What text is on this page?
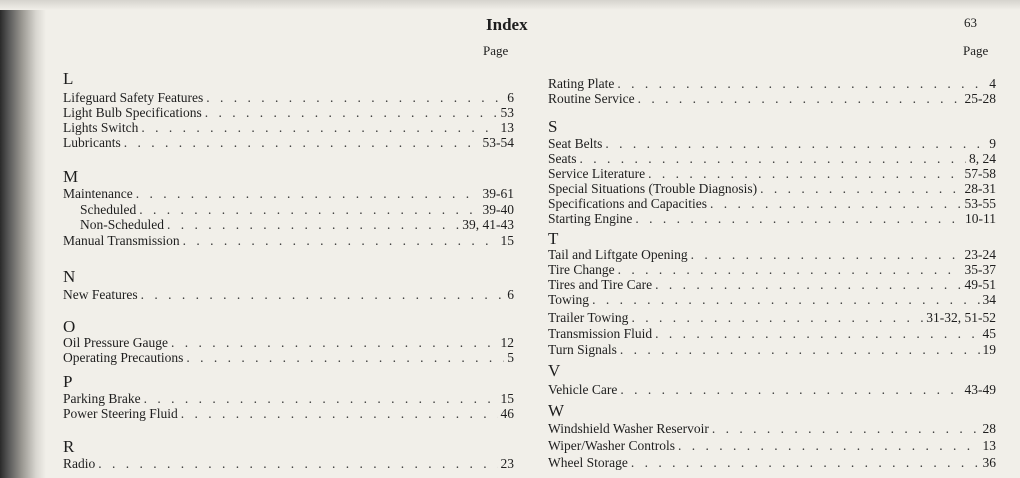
Index	63
Page	Page
L
Lifeguard Safety Features . . .	6
Light Bulb Specifications . . .	53
Lights Switch . . .	13
Lubricants . . .	53-54
M
Maintenance . . .	39-61
Scheduled . . .	39-40
Non-Scheduled . . .	39, 41-43
Manual Transmission . . .	15
N
New Features . . .	6
O
Oil Pressure Gauge . . .	12
Operating Precautions . . .	5
P
Parking Brake . . .	15
Power Steering Fluid . . .	46
R
Radio . . .	23
Rating Plate . . .	4
Routine Service . . .	25-28
S
Seat Belts . . .	9
Seats . . .	8, 24
Service Literature . . .	57-58
Special Situations (Trouble Diagnosis) . . .	28-31
Specifications and Capacities . . .	53-55
Starting Engine . . .	10-11
T
Tail and Liftgate Opening . . .	23-24
Tire Change . . .	35-37
Tires and Tire Care . . .	49-51
Towing . . .	34
Trailer Towing . . .	31-32, 51-52
Transmission Fluid . . .	45
Turn Signals . . .	19
V
Vehicle Care . . .	43-49
W
Windshield Washer Reservoir . . .	28
Wiper/Washer Controls . . .	13
Wheel Storage . . .	36
